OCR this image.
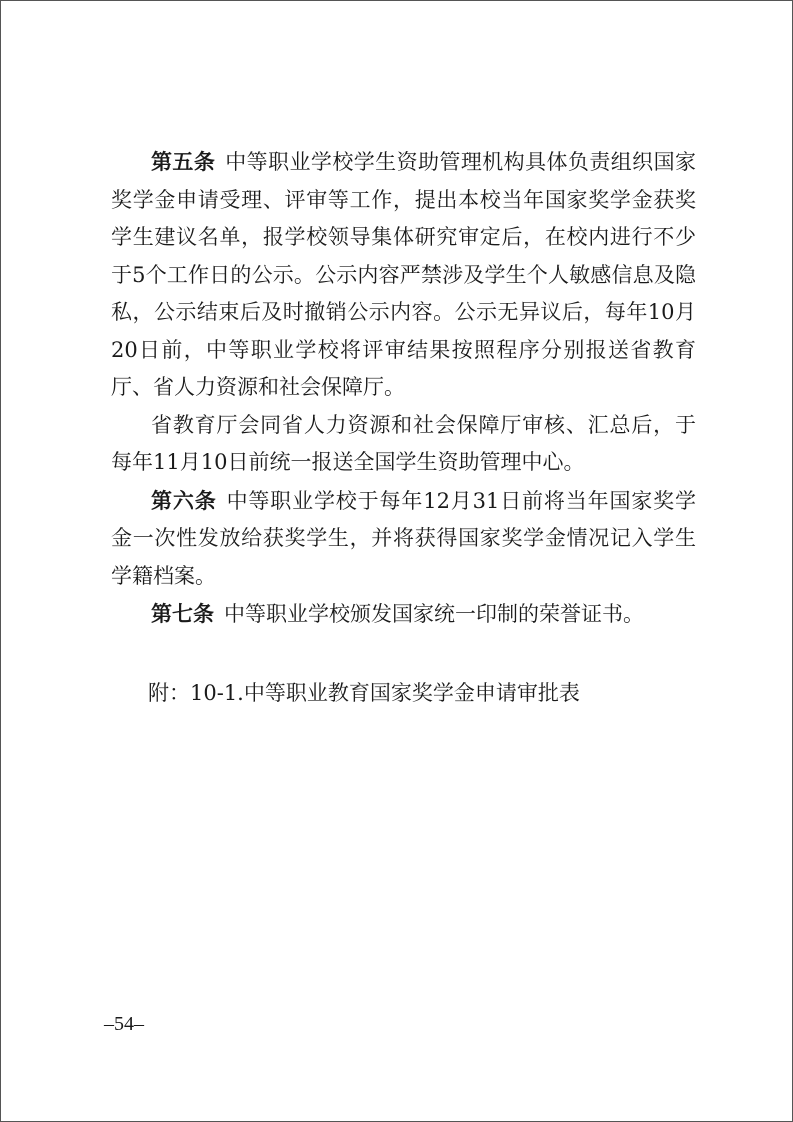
第五条 中等职业学校学生资助管理机构具体负责组织国家奖学金申请受理、评审等工作，提出本校当年国家奖学金获奖学生建议名单，报学校领导集体研究审定后，在校内进行不少于5个工作日的公示。公示内容严禁涉及学生个人敏感信息及隐私，公示结束后及时撤销公示内容。公示无异议后，每年10月20日前，中等职业学校将评审结果按照程序分别报送省教育厅、省人力资源和社会保障厅。

省教育厅会同省人力资源和社会保障厅审核、汇总后，于每年11月10日前统一报送全国学生资助管理中心。

第六条 中等职业学校于每年12月31日前将当年国家奖学金一次性发放给获奖学生，并将获得国家奖学金情况记入学生学籍档案。

第七条 中等职业学校颁发国家统一印制的荣誉证书。

附：10-1.中等职业教育国家奖学金申请审批表
–54–
